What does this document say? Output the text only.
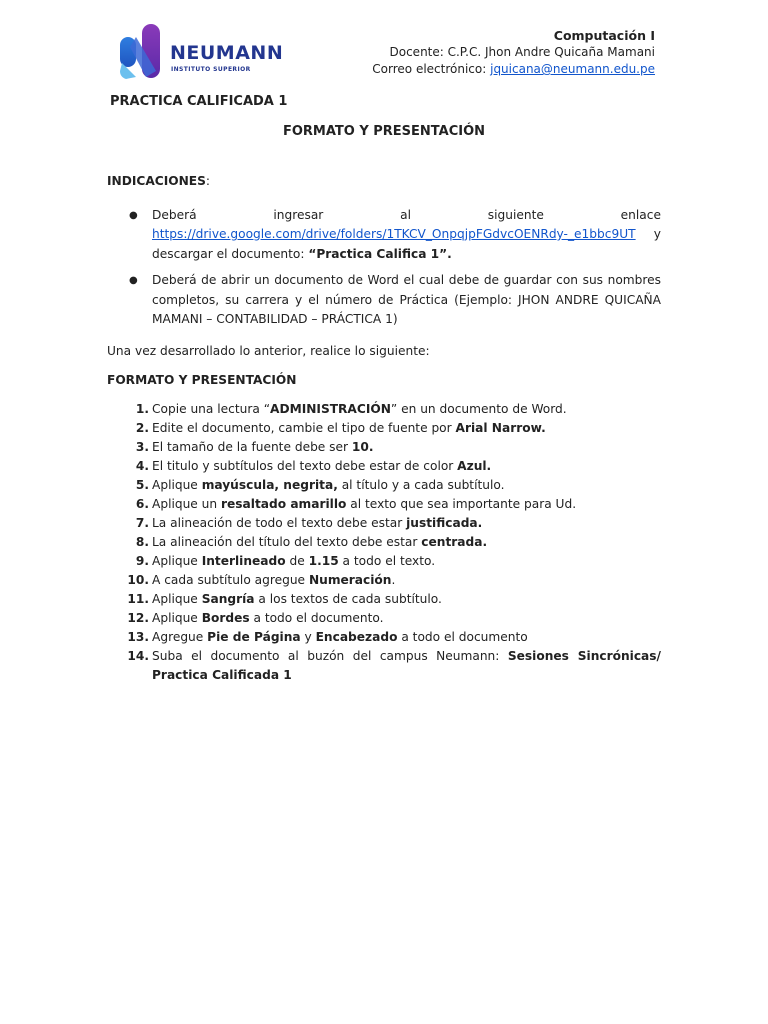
NEUMANN
INSTITUTO SUPERIOR
Computación I
Docente: C.P.C. Jhon Andre Quicaña Mamani
Correo electrónico: jquicana@neumann.edu.pe
PRACTICA CALIFICADA 1
FORMATO Y PRESENTACIÓN
INDICACIONES:
● Deberá	ingresar	al	siguiente	enlace
https://drive.google.com/drive/folders/1TKCV_OnpqjpFGdvcOENRdy-_e1bbc9UT y
descargar el documento: “Practica Califica 1”.
● Deberá de abrir un documento de Word el cual debe de guardar con sus nombres completos, su carrera y el número de Práctica (Ejemplo: JHON ANDRE QUICAÑA MAMANI – CONTABILIDAD – PRÁCTICA 1)
Una vez desarrollado lo anterior, realice lo siguiente:
FORMATO Y PRESENTACIÓN
1. Copie una lectura “ADMINISTRACIÓN” en un documento de Word.
2. Edite el documento, cambie el tipo de fuente por Arial Narrow.
3. El tamaño de la fuente debe ser 10.
4. El titulo y subtítulos del texto debe estar de color Azul.
5. Aplique mayúscula, negrita, al título y a cada subtítulo.
6. Aplique un resaltado amarillo al texto que sea importante para Ud.
7. La alineación de todo el texto debe estar justificada.
8. La alineación del título del texto debe estar centrada.
9. Aplique Interlineado de 1.15 a todo el texto.
10. A cada subtítulo agregue Numeración.
11. Aplique Sangría a los textos de cada subtítulo.
12. Aplique Bordes a todo el documento.
13. Agregue Pie de Página y Encabezado a todo el documento
14. Suba el documento al buzón del campus Neumann: Sesiones Sincrónicas/ Practica Calificada 1
